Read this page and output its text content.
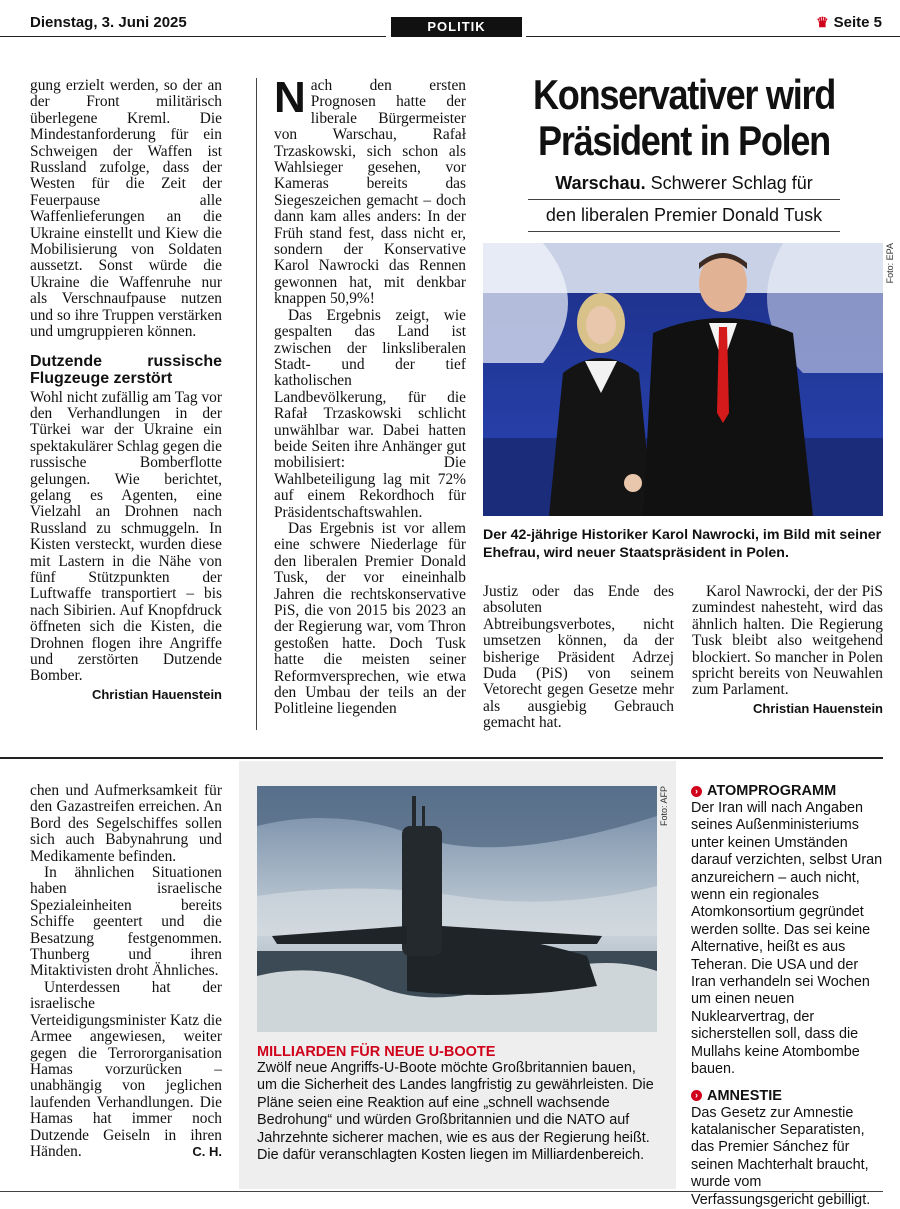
Dienstag, 3. Juni 2025	POLITIK	♛ Seite 5

gung erzielt werden, so der an der Front militärisch überlegene Kreml. Die Mindestanforderung für ein Schweigen der Waffen ist Russland zufolge, dass der Westen für die Zeit der Feuerpause alle Waffenlieferungen an die Ukraine einstellt und Kiew die Mobilisierung von Soldaten aussetzt. Sonst würde die Ukraine die Waffenruhe nur als Verschnaufpause nutzen und so ihre Truppen verstärken und umgruppieren können.

Dutzende russische Flugzeuge zerstört

Wohl nicht zufällig am Tag vor den Verhandlungen in der Türkei war der Ukraine ein spektakulärer Schlag gegen die russische Bomberflotte gelungen. Wie berichtet, gelang es Agenten, eine Vielzahl an Drohnen nach Russland zu schmuggeln. In Kisten versteckt, wurden diese mit Lastern in die Nähe von fünf Stützpunkten der Luftwaffe transportiert – bis nach Sibirien. Auf Knopfdruck öffneten sich die Kisten, die Drohnen flogen ihre Angriffe und zerstörten Dutzende Bomber.

Christian Hauenstein

Nach den ersten Prognosen hatte der liberale Bürgermeister von Warschau, Rafał Trzaskowski, sich schon als Wahlsieger gesehen, vor Kameras bereits das Siegeszeichen gemacht – doch dann kam alles anders: In der Früh stand fest, dass nicht er, sondern der Konservative Karol Nawrocki das Rennen gewonnen hat, mit denkbar knappen 50,9%!

Das Ergebnis zeigt, wie gespalten das Land ist zwischen der linksliberalen Stadt- und der tief katholischen Landbevölkerung, für die Rafał Trzaskowski schlicht unwählbar war. Dabei hatten beide Seiten ihre Anhänger gut mobilisiert: Die Wahlbeteiligung lag mit 72% auf einem Rekordhoch für Präsidentschaftswahlen.

Das Ergebnis ist vor allem eine schwere Niederlage für den liberalen Premier Donald Tusk, der vor eineinhalb Jahren die rechtskonservative PiS, die von 2015 bis 2023 an der Regierung war, vom Thron gestoßen hatte. Doch Tusk hatte die meisten seiner Reformversprechen, wie etwa den Umbau der teils an der Politleine liegenden

Konservativer wird
Präsident in Polen
Warschau. Schwerer Schlag für
den liberalen Premier Donald Tusk
Foto: EPA
Der 42-jährige Historiker Karol Nawrocki, im Bild mit seiner Ehefrau, wird neuer Staatspräsident in Polen.

Justiz oder das Ende des absoluten Abtreibungsverbotes, nicht umsetzen können, da der bisherige Präsident Adrzej Duda (PiS) von seinem Vetorecht gegen Gesetze mehr als ausgiebig Gebrauch gemacht hat.

Karol Nawrocki, der der PiS zumindest nahesteht, wird das ähnlich halten. Die Regierung Tusk bleibt also weitgehend blockiert. So mancher in Polen spricht bereits von Neuwahlen zum Parlament.

Christian Hauenstein

chen und Aufmerksamkeit für den Gazastreifen erreichen. An Bord des Segelschiffes sollen sich auch Babynahrung und Medikamente befinden.

In ähnlichen Situationen haben israelische Spezialeinheiten bereits Schiffe geentert und die Besatzung festgenommen. Thunberg und ihren Mitaktivisten droht Ähnliches.

Unterdessen hat der israelische Verteidigungsminister Katz die Armee angewiesen, weiter gegen die Terrororganisation Hamas vorzurücken – unabhängig von jeglichen laufenden Verhandlungen. Die Hamas hat immer noch Dutzende Geiseln in ihren Händen.	C. H.
Foto: AFP
MILLIARDEN FÜR NEUE U-BOOTE
Zwölf neue Angriffs-U-Boote möchte Großbritannien bauen, um die Sicherheit des Landes langfristig zu gewährleisten. Die Pläne seien eine Reaktion auf eine „schnell wachsende Bedrohung“ und würden Großbritannien und die NATO auf Jahrzehnte sicherer machen, wie es aus der Regierung heißt. Die dafür veranschlagten Kosten liegen im Milliardenbereich.
› ATOMPROGRAMM
Der Iran will nach Angaben seines Außenministeriums unter keinen Umständen darauf verzichten, selbst Uran anzureichern – auch nicht, wenn ein regionales Atomkonsortium gegründet werden sollte. Das sei keine Alternative, heißt es aus Teheran. Die USA und der Iran verhandeln sei Wochen um einen neuen Nuklearvertrag, der sicherstellen soll, dass die Mullahs keine Atombombe bauen.
› AMNESTIE
Das Gesetz zur Amnestie katalanischer Separatisten, das Premier Sánchez für seinen Machterhalt braucht, wurde vom Verfassungsgericht gebilligt.
